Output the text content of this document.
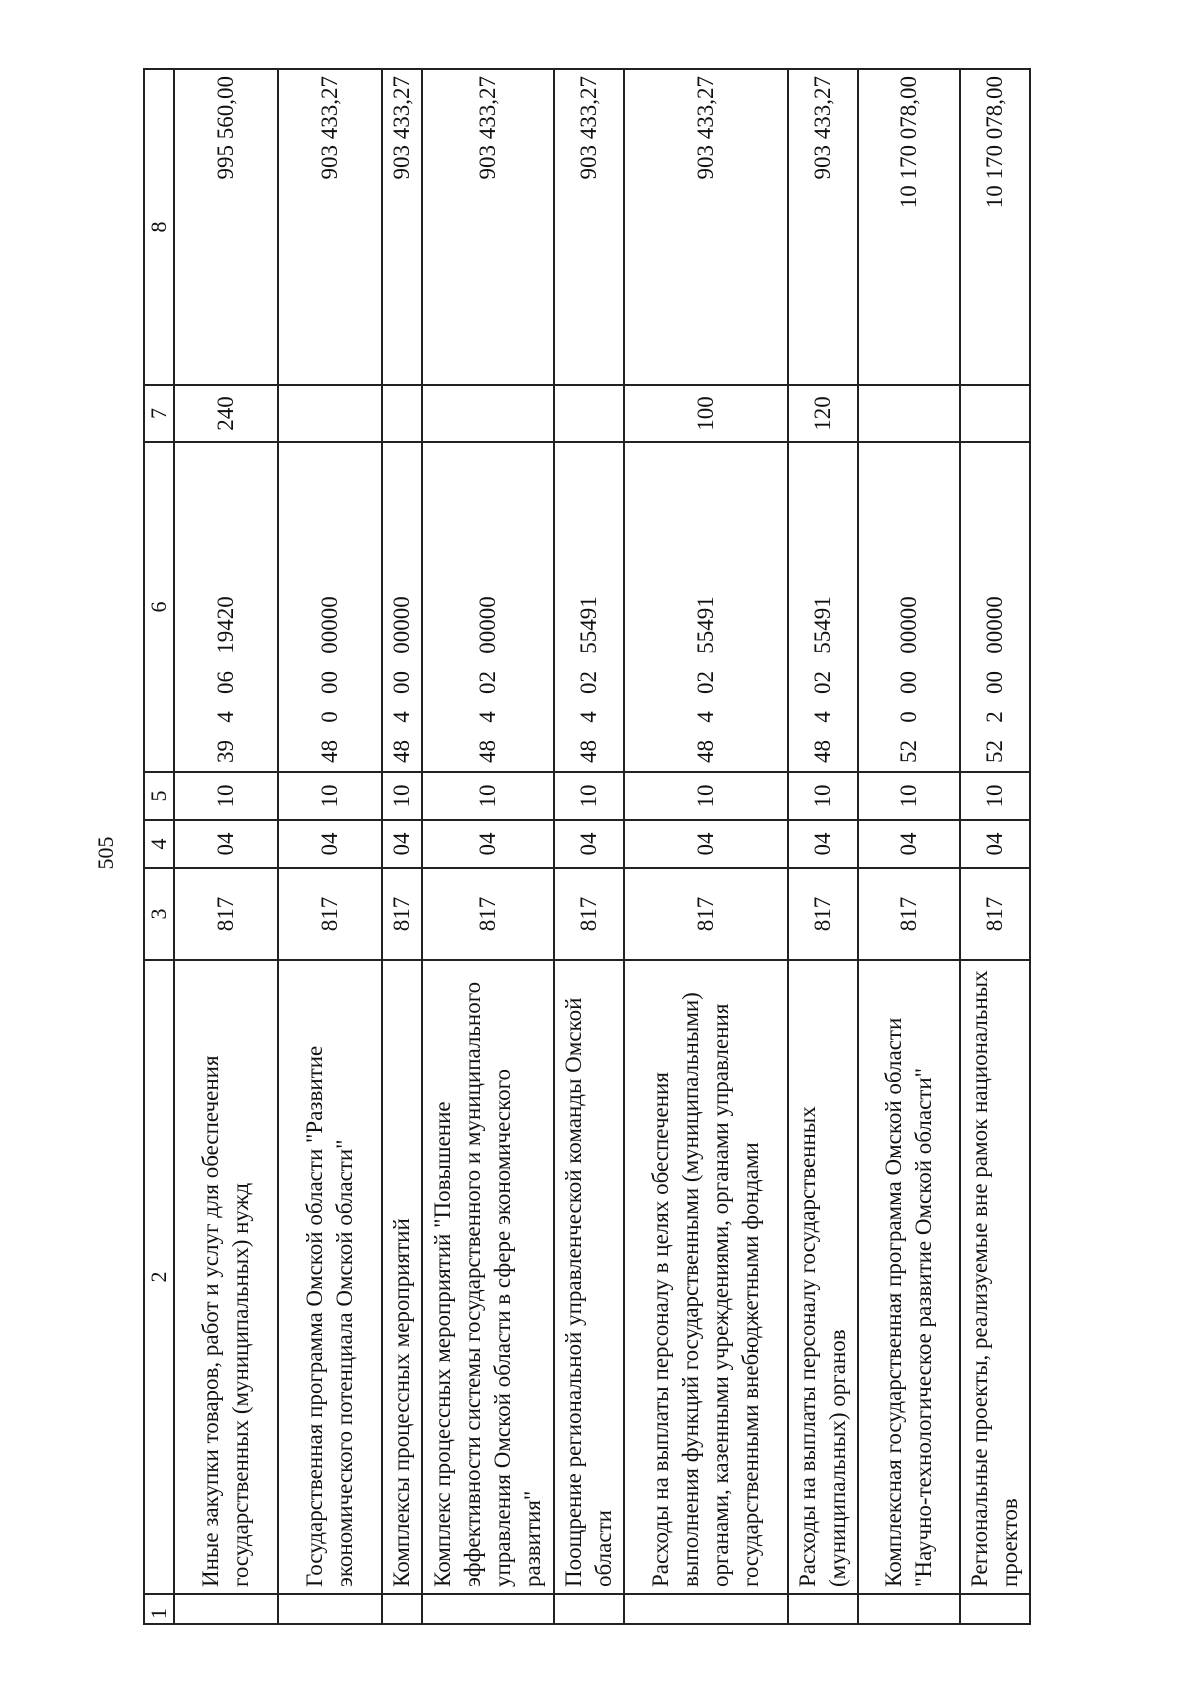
505
1	2	3	4	5	6	7	8
	Иные закупки товаров, работ и услуг для обеспечения государственных (муниципальных) нужд	817	04	10	39   4   06   19420	240	995 560,00
	Государственная программа Омской области "Развитие экономического потенциала Омской области"	817	04	10	48   0   00   00000		903 433,27
	Комплексы процессных мероприятий	817	04	10	48   4   00   00000		903 433,27
	Комплекс процессных мероприятий "Повышение эффективности системы государственного и муниципального управления Омской области в сфере экономического развития"	817	04	10	48   4   02   00000		903 433,27
	Поощрение региональной управленческой команды Омской области	817	04	10	48   4   02   55491		903 433,27
	Расходы на выплаты персоналу в целях обеспечения выполнения функций государственными (муниципальными) органами, казенными учреждениями, органами управления государственными внебюджетными фондами	817	04	10	48   4   02   55491	100	903 433,27
	Расходы на выплаты персоналу государственных (муниципальных) органов	817	04	10	48   4   02   55491	120	903 433,27
	Комплексная государственная программа Омской области "Научно-технологическое развитие Омской области"	817	04	10	52   0   00   00000		10 170 078,00
	Региональные проекты, реализуемые вне рамок национальных проектов	817	04	10	52   2   00   00000		10 170 078,00
